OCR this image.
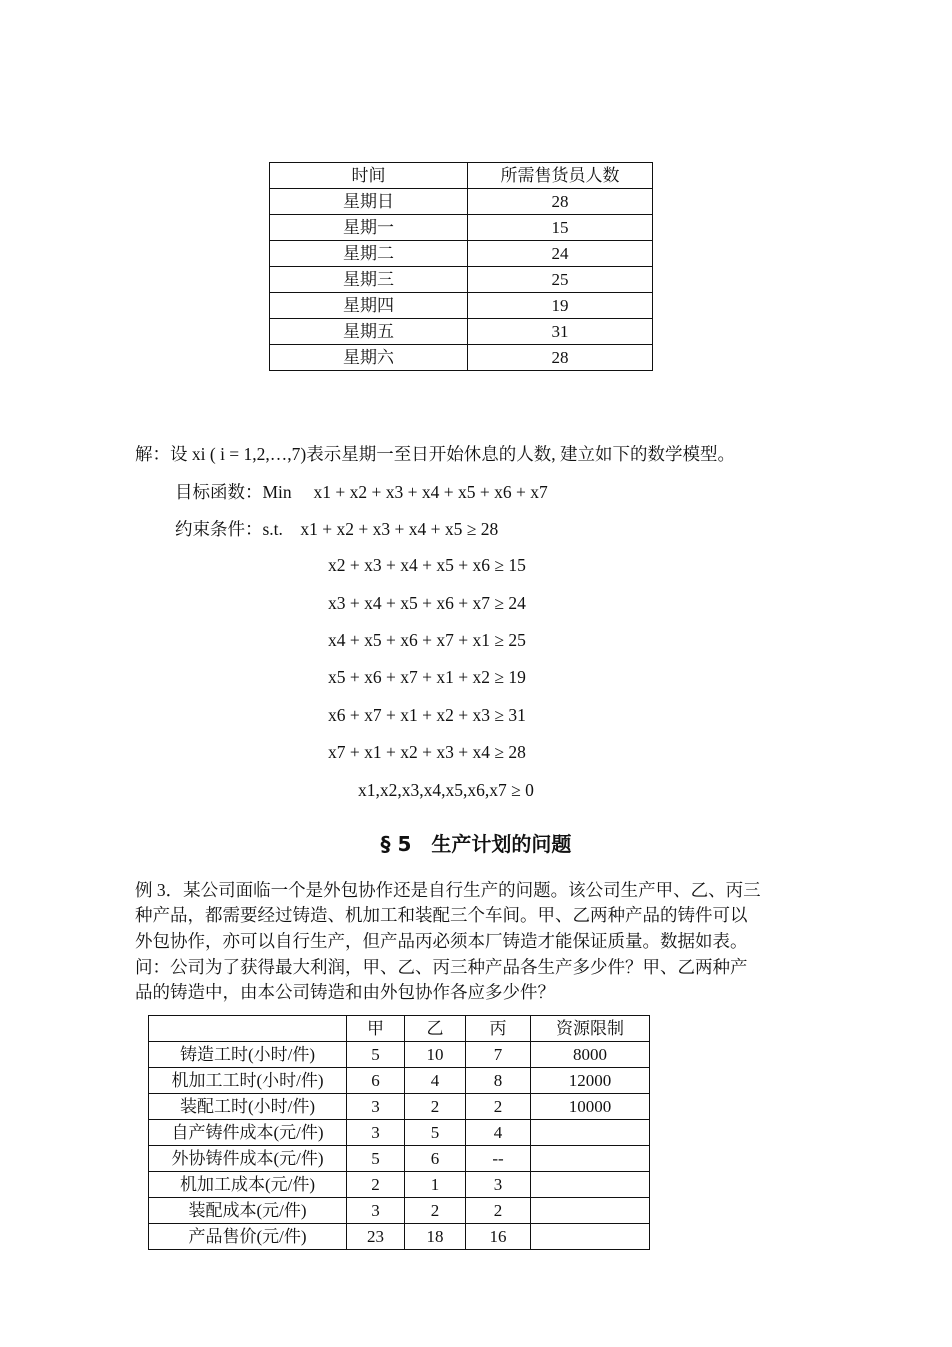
时间	所需售货员人数
星期日	28
星期一	15
星期二	24
星期三	25
星期四	19
星期五	31
星期六	28
解：设 xi ( i = 1,2,…,7)表示星期一至日开始休息的人数, 建立如下的数学模型。
目标函数：Min　 x1 + x2 + x3 + x4 + x5 + x6 + x7
约束条件：s.t.　x1 + x2 + x3 + x4 + x5 ≥ 28
x2 + x3 + x4 + x5 + x6 ≥ 15
x3 + x4 + x5 + x6 + x7 ≥ 24
x4 + x5 + x6 + x7 + x1 ≥ 25
x5 + x6 + x7 + x1 + x2 ≥ 19
x6 + x7 + x1 + x2 + x3 ≥ 31
x7 + x1 + x2 + x3 + x4 ≥ 28
x1,x2,x3,x4,x5,x6,x7 ≥ 0
§ 5　生产计划的问题
例 3．某公司面临一个是外包协作还是自行生产的问题。该公司生产甲、乙、丙三
种产品，都需要经过铸造、机加工和装配三个车间。甲、乙两种产品的铸件可以
外包协作，亦可以自行生产，但产品丙必须本厂铸造才能保证质量。数据如表。
问：公司为了获得最大利润，甲、乙、丙三种产品各生产多少件？甲、乙两种产
品的铸造中，由本公司铸造和由外包协作各应多少件？
	甲	乙	丙	资源限制
铸造工时(小时/件)	5	10	7	8000
机加工工时(小时/件)	6	4	8	12000
装配工时(小时/件)	3	2	2	10000
自产铸件成本(元/件)	3	5	4	
外协铸件成本(元/件)	5	6	--	
机加工成本(元/件)	2	1	3	
装配成本(元/件)	3	2	2	
产品售价(元/件)	23	18	16	
